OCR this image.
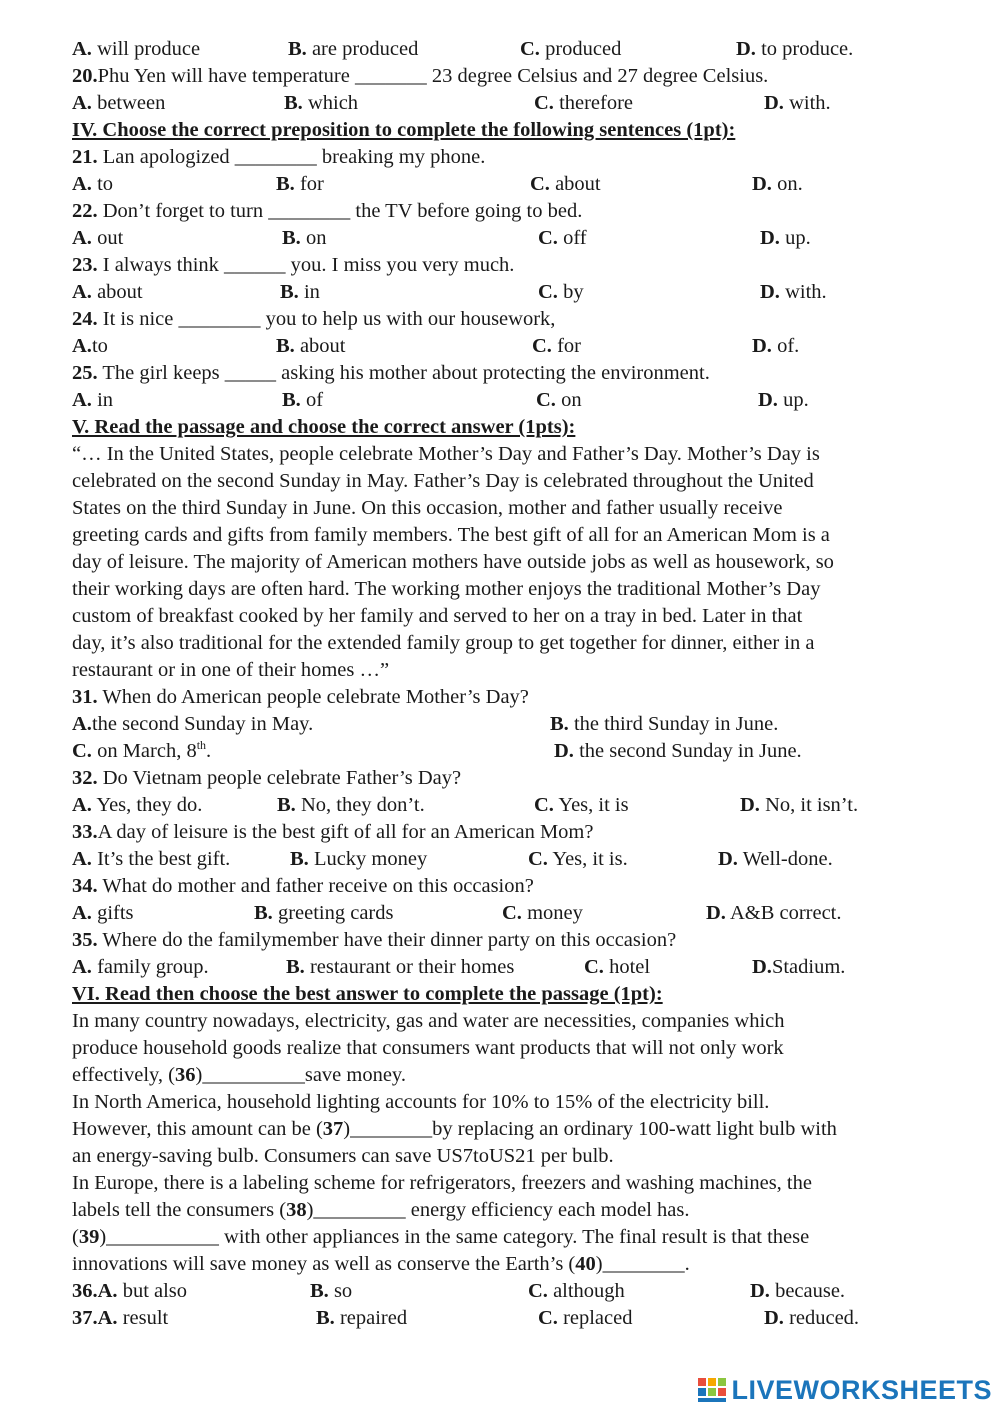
A. will produce	B. are produced	C. produced	D. to produce.
20.Phu Yen will have temperature _______ 23 degree Celsius and 27 degree Celsius.
A. between	B. which	C. therefore	D. with.
IV. Choose the correct preposition to complete the following sentences (1pt):
21. Lan apologized ________ breaking my phone.
A. to	B. for	C. about	D. on.
22. Don’t forget to turn ________ the TV before going to bed.
A. out	B. on	C. off	D. up.
23. I always think ______ you. I miss you very much.
A. about	B. in	C. by	D. with.
24. It is nice ________ you to help us with our housework,
A.to	B. about	C. for	D. of.
25. The girl keeps _____ asking his mother about protecting the environment.
A. in	B. of	C. on	D. up.
V. Read the passage and choose the correct answer (1pts):
“… In the United States, people celebrate Mother’s Day and Father’s Day. Mother’s Day is
celebrated on the second Sunday in May. Father’s Day is celebrated throughout the United
States on the third Sunday in June. On this occasion, mother and father usually receive
greeting cards and gifts from family members. The best gift of all for an American Mom is a
day of leisure. The majority of American mothers have outside jobs as well as housework, so
their working days are often hard. The working mother enjoys the traditional Mother’s Day
custom of breakfast cooked by her family and served to her on a tray in bed. Later in that
day, it’s also traditional for the extended family group to get together for dinner, either in a
restaurant or in one of their homes …”
31. When do American people celebrate Mother’s Day?
A.the second Sunday in May.	B. the third Sunday in June.
C. on March, 8th.	D. the second Sunday in June.
32. Do Vietnam people celebrate Father’s Day?
A. Yes, they do.	B. No, they don’t.	C. Yes, it is	D. No, it isn’t.
33.A day of leisure is the best gift of all for an American Mom?
A. It’s the best gift.	B. Lucky money	C. Yes, it is.	D. Well-done.
34. What do mother and father receive on this occasion?
A. gifts	B. greeting cards	C. money	D. A&B correct.
35. Where do the familymember have their dinner party on this occasion?
A. family group.	B. restaurant or their homes	C. hotel	D.Stadium.
VI. Read then choose the best answer to complete the passage (1pt):
In many country nowadays, electricity, gas and water are necessities, companies which
produce household goods realize that consumers want products that will not only work
effectively, (36)__________save money.
In North America, household lighting accounts for 10% to 15% of the electricity bill.
However, this amount can be (37)________by replacing an ordinary 100-watt light bulb with
an energy-saving bulb. Consumers can save US7toUS21 per bulb.
In Europe, there is a labeling scheme for refrigerators, freezers and washing machines, the
labels tell the consumers (38)_________ energy efficiency each model has.
(39)___________ with other appliances in the same category. The final result is that these
innovations will save money as well as conserve the Earth’s (40)________.
36.A. but also	B. so	C. although	D. because.
37.A. result	B. repaired	C. replaced	D. reduced.
LIVEWORKSHEETS
